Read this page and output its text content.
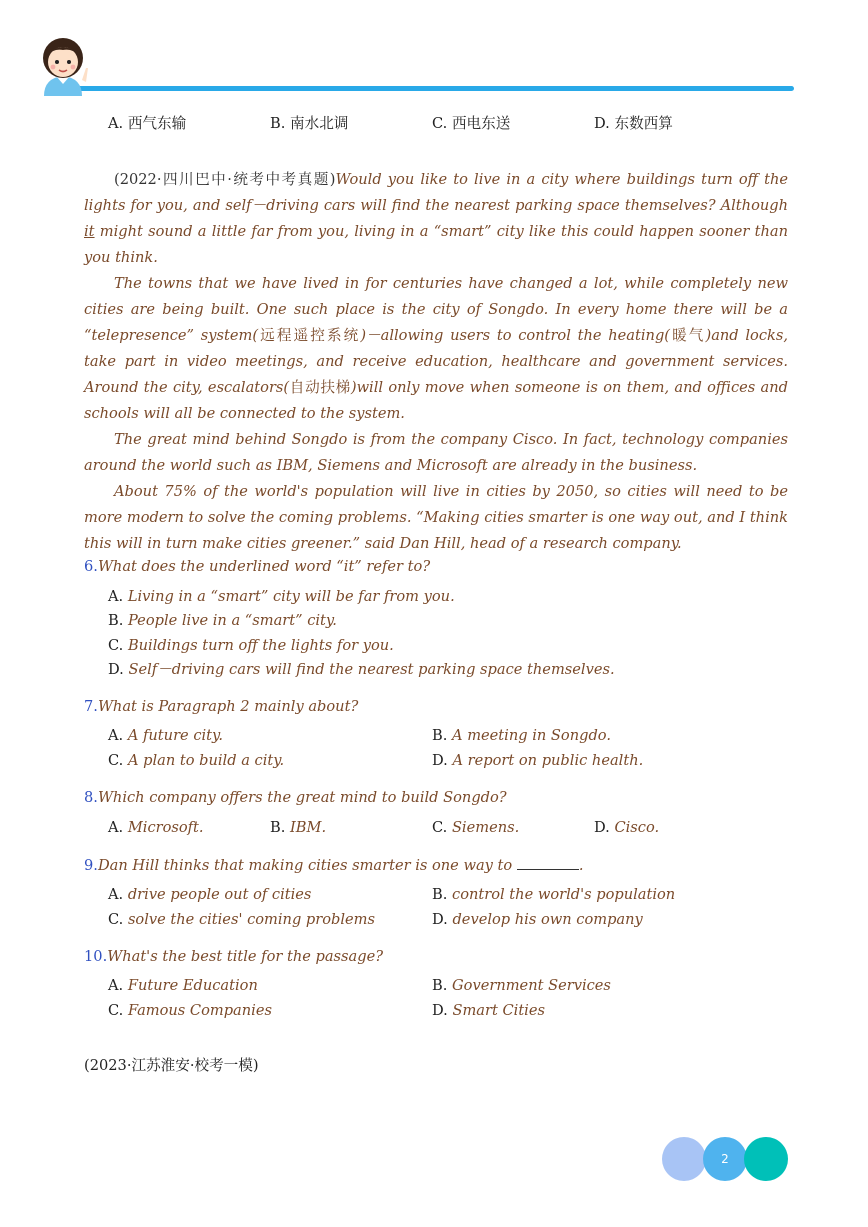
A. 西气东输	B. 南水北调	C. 西电东送	D. 东数西算

(2022·四川巴中·统考中考真题)Would you like to live in a city where buildings turn off the lights for you, and self－driving cars will find the nearest parking space themselves? Although it might sound a little far from you, living in a “smart” city like this could happen sooner than you think.

The towns that we have lived in for centuries have changed a lot, while completely new cities are being built. One such place is the city of Songdo. In every home there will be a “telepresence” system(远程遥控系统)－allowing users to control the heating(暖气)and locks, take part in video meetings, and receive education, healthcare and government services. Around the city, escalators(自动扶梯)will only move when someone is on them, and offices and schools will all be connected to the system.

The great mind behind Songdo is from the company Cisco. In fact, technology companies around the world such as IBM, Siemens and Microsoft are already in the business.

About 75% of the world's population will live in cities by 2050, so cities will need to be more modern to solve the coming problems. “Making cities smarter is one way out, and I think this will in turn make cities greener.” said Dan Hill, head of a research company.

6.What does the underlined word “it” refer to?
A. Living in a “smart” city will be far from you.
B. People live in a “smart” city.
C. Buildings turn off the lights for you.
D. Self－driving cars will find the nearest parking space themselves.
7.What is Paragraph 2 mainly about?
A. A future city.	B. A meeting in Songdo.
C. A plan to build a city.	D. A report on public health.
8.Which company offers the great mind to build Songdo?
A. Microsoft.	B. IBM.	C. Siemens.	D. Cisco.
9.Dan Hill thinks that making cities smarter is one way to	.
A. drive people out of cities	B. control the world's population
C. solve the cities' coming problems	D. develop his own company
10.What's the best title for the passage?
A. Future Education	B. Government Services
C. Famous Companies	D. Smart Cities
(2023·江苏淮安·校考一模)
2
